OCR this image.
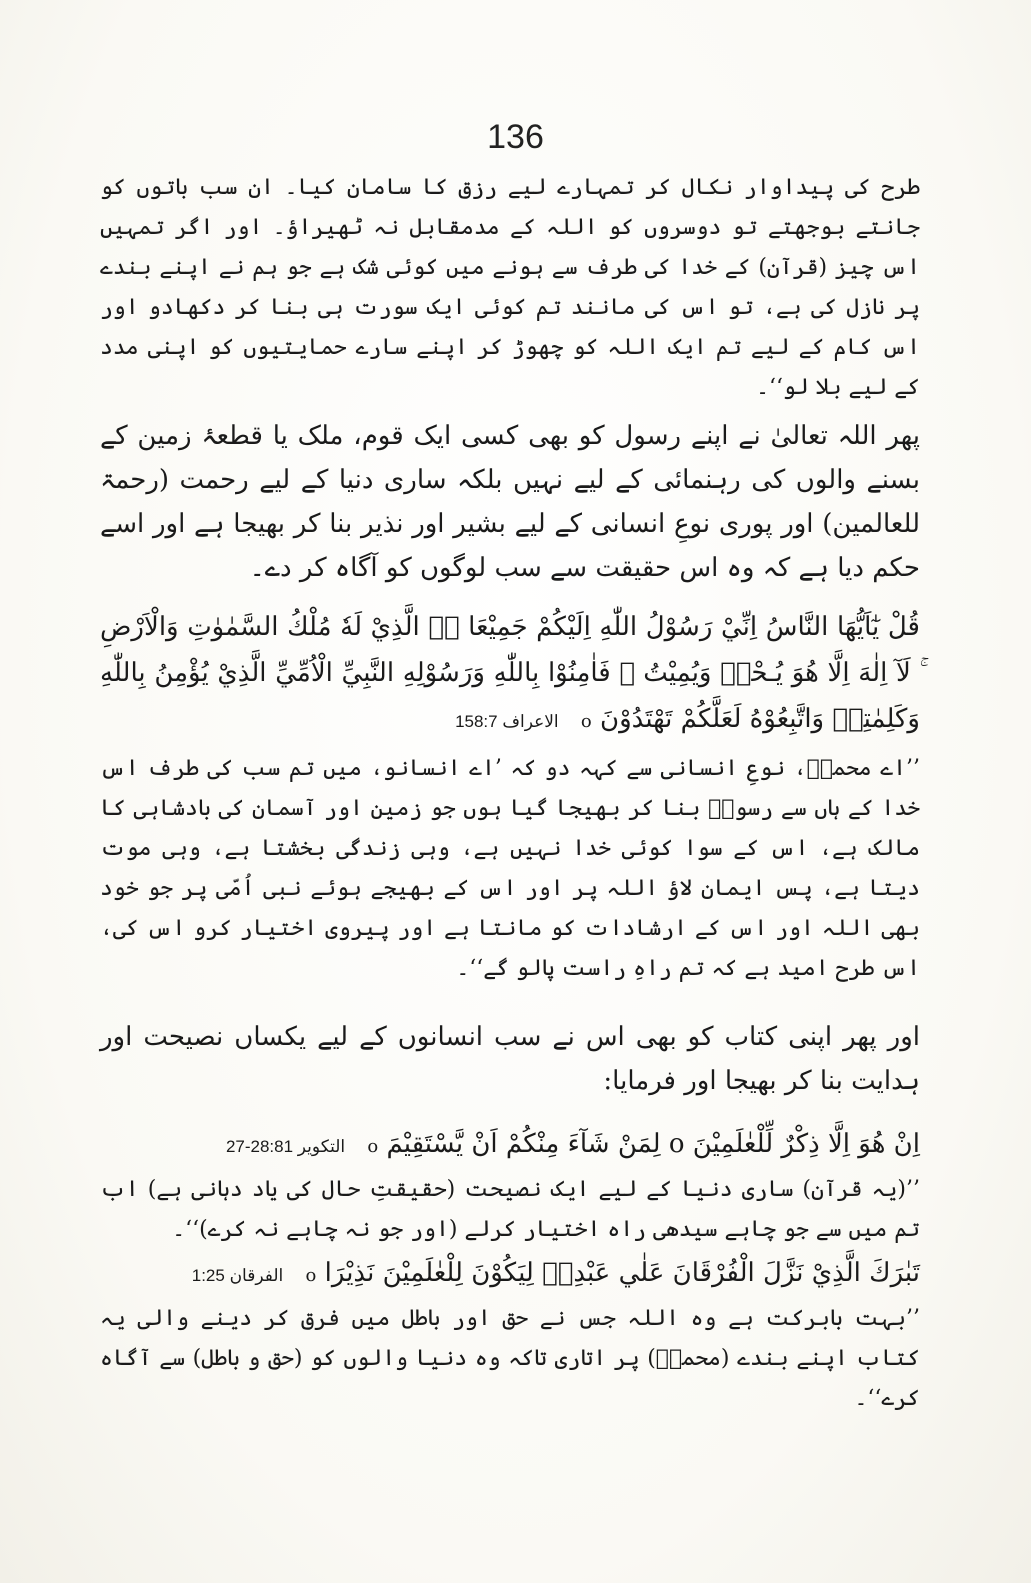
136

طرح کی پیداوار نکال کر تمہارے لیے رزق کا سامان کیا۔ ان سب باتوں کو جانتے بوجھتے تو دوسروں کو اللہ کے مدمقابل نہ ٹھیراؤ۔ اور اگر تمہیں اس چیز (قرآن) کے خدا کی طرف سے ہونے میں کوئی شک ہے جو ہم نے اپنے بندے پر نازل کی ہے، تو اس کی مانند تم کوئی ایک سورت ہی بنا کر دکھادو اور اس کام کے لیے تم ایک اللہ کو چھوڑ کر اپنے سارے حمایتیوں کو اپنی مدد کے لیے بلا لو‘‘۔

پھر اللہ تعالیٰ نے اپنے رسول کو بھی کسی ایک قوم، ملک یا قطعۂ زمین کے بسنے والوں کی رہنمائی کے لیے نہیں بلکہ ساری دنیا کے لیے رحمت (رحمۃ للعالمین) اور پوری نوعِ انسانی کے لیے بشیر اور نذیر بنا کر بھیجا ہے اور اسے حکم دیا ہے کہ وہ اس حقیقت سے سب لوگوں کو آگاہ کر دے۔

قُلْ يٰٓاَيُّهَا النَّاسُ اِنِّيْ رَسُوْلُ اللّٰهِ اِلَيْكُمْ جَمِيْعَا ِۨ الَّذِيْ لَهٗ مُلْكُ السَّمٰوٰتِ وَالْاَرْضِ ۚ لَآ اِلٰهَ اِلَّا هُوَ يُـحْيٖ وَيُمِيْتُ ۠ فَاٰمِنُوْا بِاللّٰهِ وَرَسُوْلِهِ النَّبِيِّ الْاُمِّيِّ الَّذِيْ يُؤْمِنُ بِاللّٰهِ وَكَلِمٰتِهٖ وَاتَّبِعُوْهُ لَعَلَّكُمْ تَهْتَدُوْنَ o الاعراف 158:7

’’اے محمدؐ، نوعِ انسانی سے کہہ دو کہ ’اے انسانو، میں تم سب کی طرف اس خدا کے ہاں سے رسولؐ بنا کر بھیجا گیا ہوں جو زمین اور آسمان کی بادشاہی کا مالک ہے، اس کے سوا کوئی خدا نہیں ہے، وہی زندگی بخشتا ہے، وہی موت دیتا ہے، پس ایمان لاؤ اللہ پر اور اس کے بھیجے ہوئے نبی اُمّی پر جو خود بھی اللہ اور اس کے ارشادات کو مانتا ہے اور پیروی اختیار کرو اس کی، اس طرح امید ہے کہ تم راہِ راست پالو گے‘‘۔

اور پھر اپنی کتاب کو بھی اس نے سب انسانوں کے لیے یکساں نصیحت اور ہدایت بنا کر بھیجا اور فرمایا:

اِنْ هُوَ اِلَّا ذِكْرٌ لِّلْعٰلَمِيْنَ o لِمَنْ شَآءَ مِنْكُمْ اَنْ يَّسْتَقِيْمَ o التکویر 27-28:81

’’(یہ قرآن) ساری دنیا کے لیے ایک نصیحت (حقیقتِ حال کی یاد دہانی ہے) اب تم میں سے جو چاہے سیدھی راہ اختیار کرلے (اور جو نہ چاہے نہ کرے)‘‘۔

تَبٰرَكَ الَّذِيْ نَزَّلَ الْفُرْقَانَ عَلٰي عَبْدِهٖ لِيَكُوْنَ لِلْعٰلَمِيْنَ نَذِيْرَا o الفرقان 1:25

’’بہت بابرکت ہے وہ اللہ جس نے حق اور باطل میں فرق کر دینے والی یہ کتاب اپنے بندے (محمدؐ) پر اتاری تاکہ وہ دنیا والوں کو (حق و باطل) سے آگاہ کرے‘‘۔
